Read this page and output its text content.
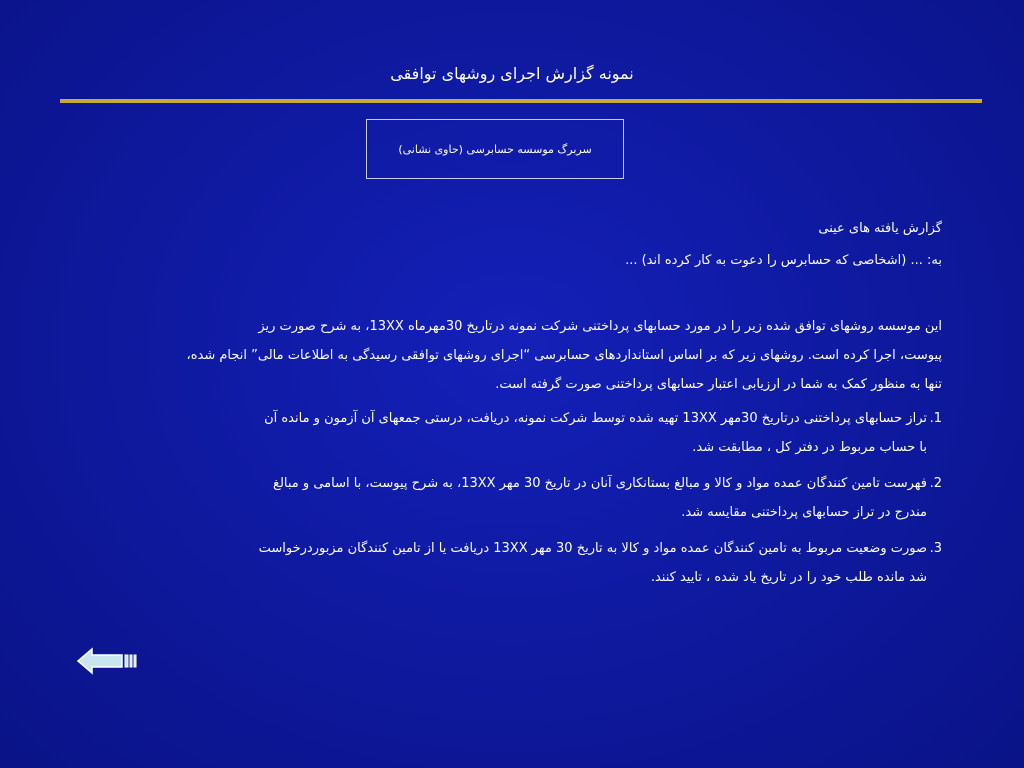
نمونه گزارش اجرای روشهای توافقی
سربرگ موسسه حسابرسی (حاوی نشانی)
گزارش یافته های عینی
به: ... (اشخاصی که حسابرس را دعوت به کار کرده اند) ...

این موسسه روشهای توافق شده زیر را در مورد حسابهای پرداختنی شرکت نمونه درتاریخ 30مهرماه 13XX، به شرح صورت ریز

پیوست، اجرا کرده است. روشهای زیر که بر اساس استانداردهای حسابرسی “اجرای روشهای توافقی رسیدگی به اطلاعات مالی” انجام شده،

تنها به منظور کمک به شما در ارزیابی اعتبار حسابهای پرداختنی صورت گرفته است.

1.
تراز حسابهای پرداختنی درتاریخ 30مهر 13XX تهیه شده توسط شرکت نمونه، دریافت، درستی جمعهای آن آزمون و مانده آن
با حساب مربوط در دفتر کل ، مطابقت شد.
2.
فهرست تامین کنندگان عمده مواد و کالا و مبالغ بستانکاری آنان در تاریخ 30 مهر 13XX، به شرح پیوست، با اسامی و مبالغ
مندرج در تراز حسابهای پرداختنی مقایسه شد.
3.
صورت وضعیت مربوط به تامین کنندگان عمده مواد و کالا به تاریخ 30 مهر 13XX دریافت یا از تامین کنندگان مزبوردرخواست
شد مانده طلب خود را در تاریخ یاد شده ، تایید کنند.
